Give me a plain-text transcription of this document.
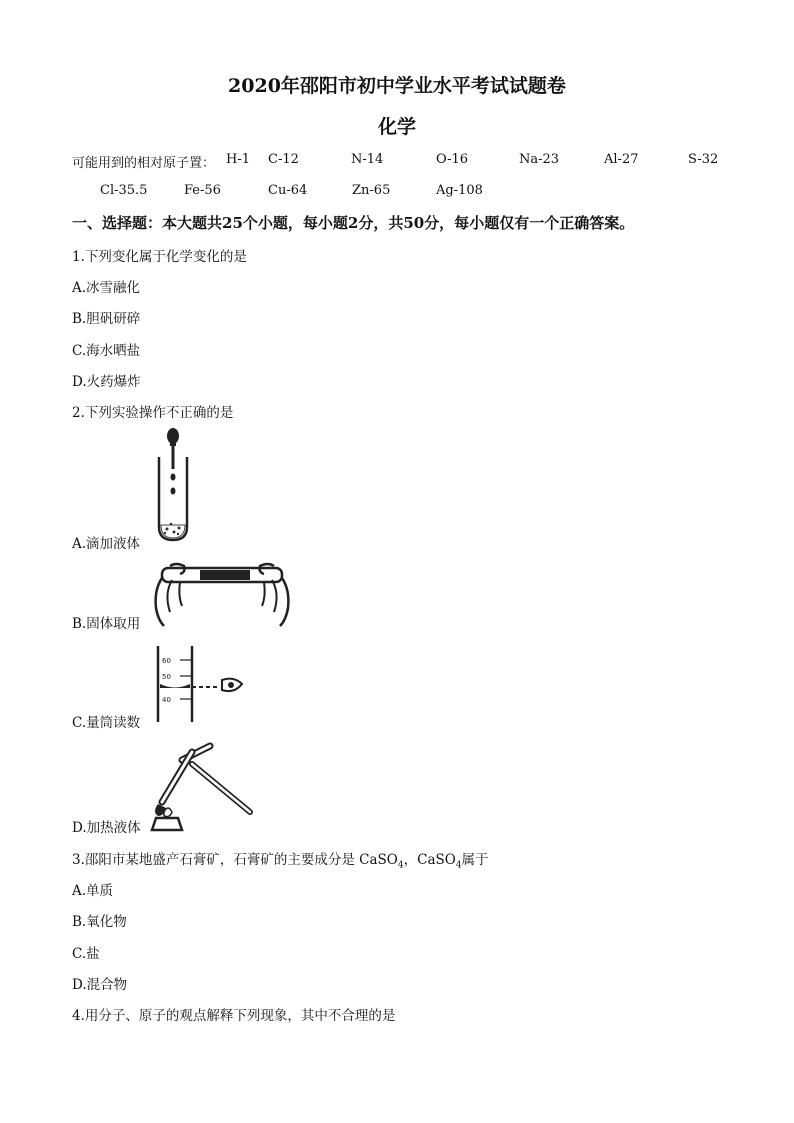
2020年邵阳市初中学业水平考试试题卷
化学
可能用到的相对原子置： H-1 C-12	N-14	O-16	Na-23	Al-27	S-32
Cl-35.5	Fe-56	Cu-64	Zn-65	Ag-108
一、选择题：本大题共25个小题，每小题2分，共50分，每小题仅有一个正确答案。
1.下列变化属于化学变化的是
A.冰雪融化
B.胆矾研碎
C.海水晒盐
D.火药爆炸
2.下列实验操作不正确的是
A.滴加液体
B.固体取用
60
50
40
C.量筒读数
D.加热液体
3.邵阳市某地盛产石膏矿，石膏矿的主要成分是 CaSO$_4$，CaSO$_4$属于
A.单质
B.氧化物
C.盐
D.混合物
4.用分子、原子的观点解释下列现象，其中不合理的是
